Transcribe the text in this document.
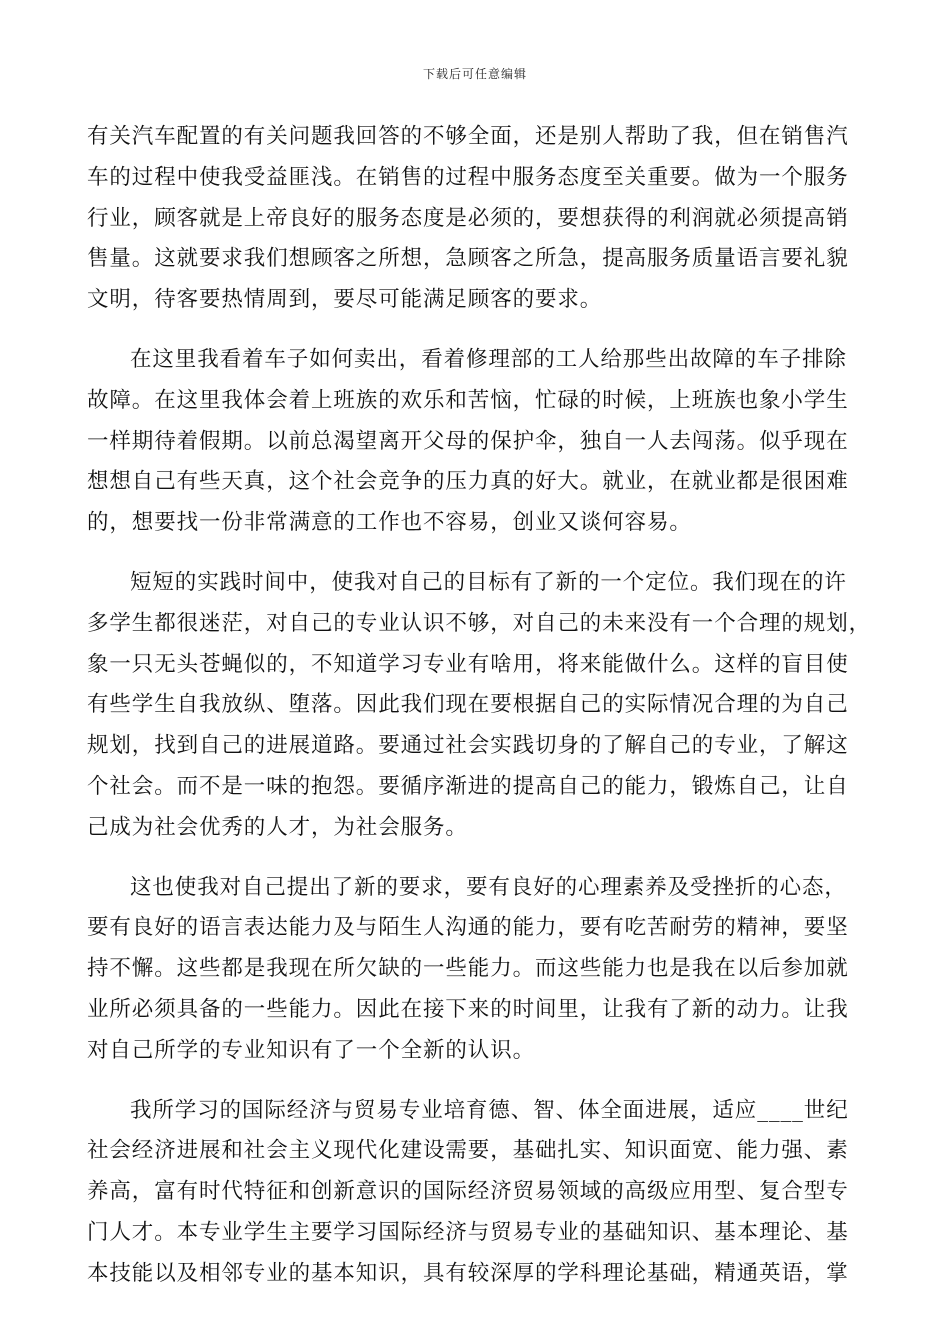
下载后可任意编辑

有关汽车配置的有关问题我回答的不够全面，还是别人帮助了我，但在销售汽
车的过程中使我受益匪浅。在销售的过程中服务态度至关重要。做为一个服务
行业，顾客就是上帝良好的服务态度是必须的，要想获得的利润就必须提高销
售量。这就要求我们想顾客之所想，急顾客之所急，提高服务质量语言要礼貌
文明，待客要热情周到，要尽可能满足顾客的要求。

在这里我看着车子如何卖出，看着修理部的工人给那些出故障的车子排除
故障。在这里我体会着上班族的欢乐和苦恼，忙碌的时候，上班族也象小学生
一样期待着假期。以前总渴望离开父母的保护伞，独自一人去闯荡。似乎现在
想想自己有些天真，这个社会竞争的压力真的好大。就业，在就业都是很困难
的，想要找一份非常满意的工作也不容易，创业又谈何容易。

短短的实践时间中，使我对自己的目标有了新的一个定位。我们现在的许
多学生都很迷茫，对自己的专业认识不够，对自己的未来没有一个合理的规划，
象一只无头苍蝇似的，不知道学习专业有啥用，将来能做什么。这样的盲目使
有些学生自我放纵、堕落。因此我们现在要根据自己的实际情况合理的为自己
规划，找到自己的进展道路。要通过社会实践切身的了解自己的专业，了解这
个社会。而不是一味的抱怨。要循序渐进的提高自己的能力，锻炼自己，让自
己成为社会优秀的人才，为社会服务。

这也使我对自己提出了新的要求，要有良好的心理素养及受挫折的心态，
要有良好的语言表达能力及与陌生人沟通的能力，要有吃苦耐劳的精神，要坚
持不懈。这些都是我现在所欠缺的一些能力。而这些能力也是我在以后参加就
业所必须具备的一些能力。因此在接下来的时间里，让我有了新的动力。让我
对自己所学的专业知识有了一个全新的认识。

我所学习的国际经济与贸易专业培育德、智、体全面进展，适应____世纪
社会经济进展和社会主义现代化建设需要，基础扎实、知识面宽、能力强、素
养高，富有时代特征和创新意识的国际经济贸易领域的高级应用型、复合型专
门人才。本专业学生主要学习国际经济与贸易专业的基础知识、基本理论、基
本技能以及相邻专业的基本知识，具有较深厚的学科理论基础，精通英语，掌
